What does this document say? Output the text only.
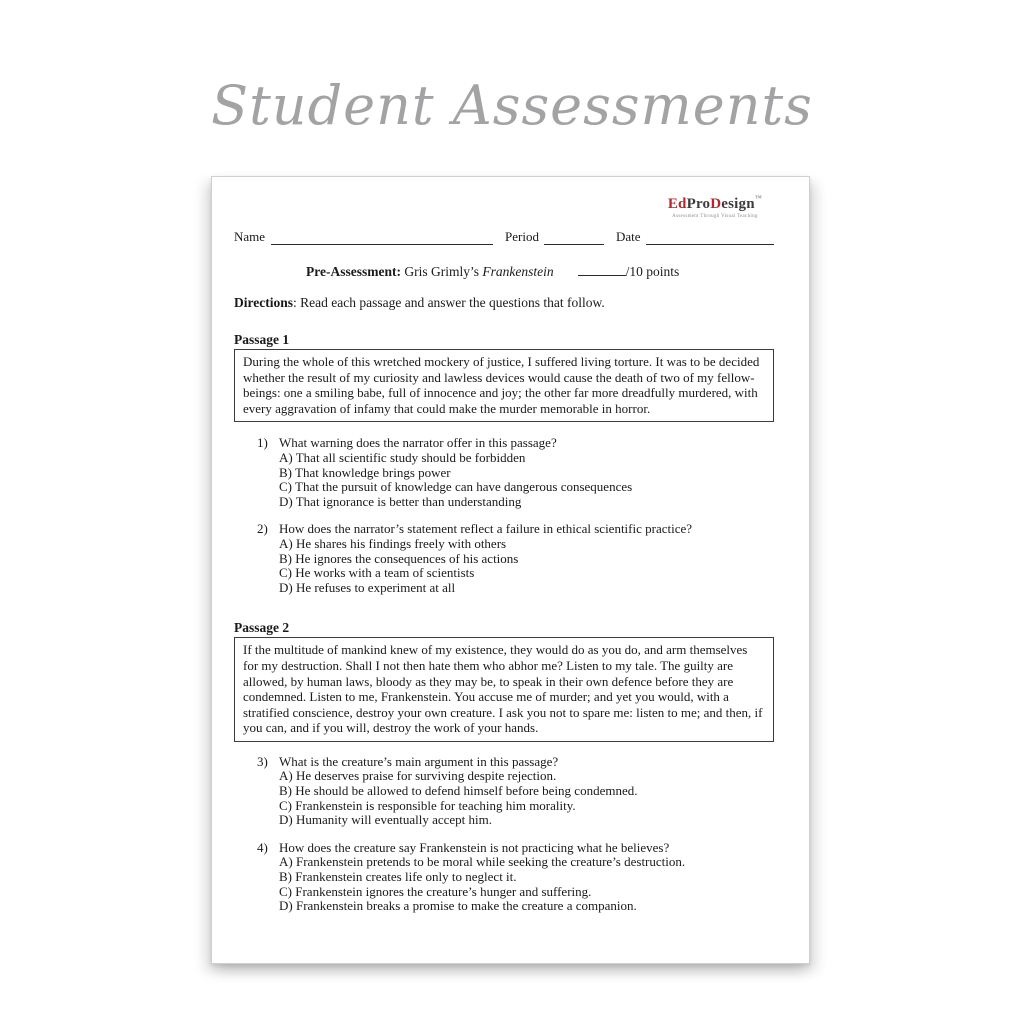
Student Assessments
EdProDesign™
Assessment Through Visual Teaching
Name	Period	Date
Pre-Assessment: Gris Grimly’s Frankenstein	/10 points
Directions: Read each passage and answer the questions that follow.
Passage 1
During the whole of this wretched mockery of justice, I suffered living torture. It was to be decided whether the result of my curiosity and lawless devices would cause the death of two of my fellow-beings: one a smiling babe, full of innocence and joy; the other far more dreadfully murdered, with every aggravation of infamy that could make the murder memorable in horror.
1) What warning does the narrator offer in this passage?
A) That all scientific study should be forbidden
B) That knowledge brings power
C) That the pursuit of knowledge can have dangerous consequences
D) That ignorance is better than understanding
2) How does the narrator’s statement reflect a failure in ethical scientific practice?
A) He shares his findings freely with others
B) He ignores the consequences of his actions
C) He works with a team of scientists
D) He refuses to experiment at all
Passage 2
If the multitude of mankind knew of my existence, they would do as you do, and arm themselves for my destruction. Shall I not then hate them who abhor me? Listen to my tale. The guilty are allowed, by human laws, bloody as they may be, to speak in their own defence before they are condemned. Listen to me, Frankenstein. You accuse me of murder; and yet you would, with a stratified conscience, destroy your own creature. I ask you not to spare me: listen to me; and then, if you can, and if you will, destroy the work of your hands.
3) What is the creature’s main argument in this passage?
A) He deserves praise for surviving despite rejection.
B) He should be allowed to defend himself before being condemned.
C) Frankenstein is responsible for teaching him morality.
D) Humanity will eventually accept him.
4) How does the creature say Frankenstein is not practicing what he believes?
A) Frankenstein pretends to be moral while seeking the creature’s destruction.
B) Frankenstein creates life only to neglect it.
C) Frankenstein ignores the creature’s hunger and suffering.
D) Frankenstein breaks a promise to make the creature a companion.
